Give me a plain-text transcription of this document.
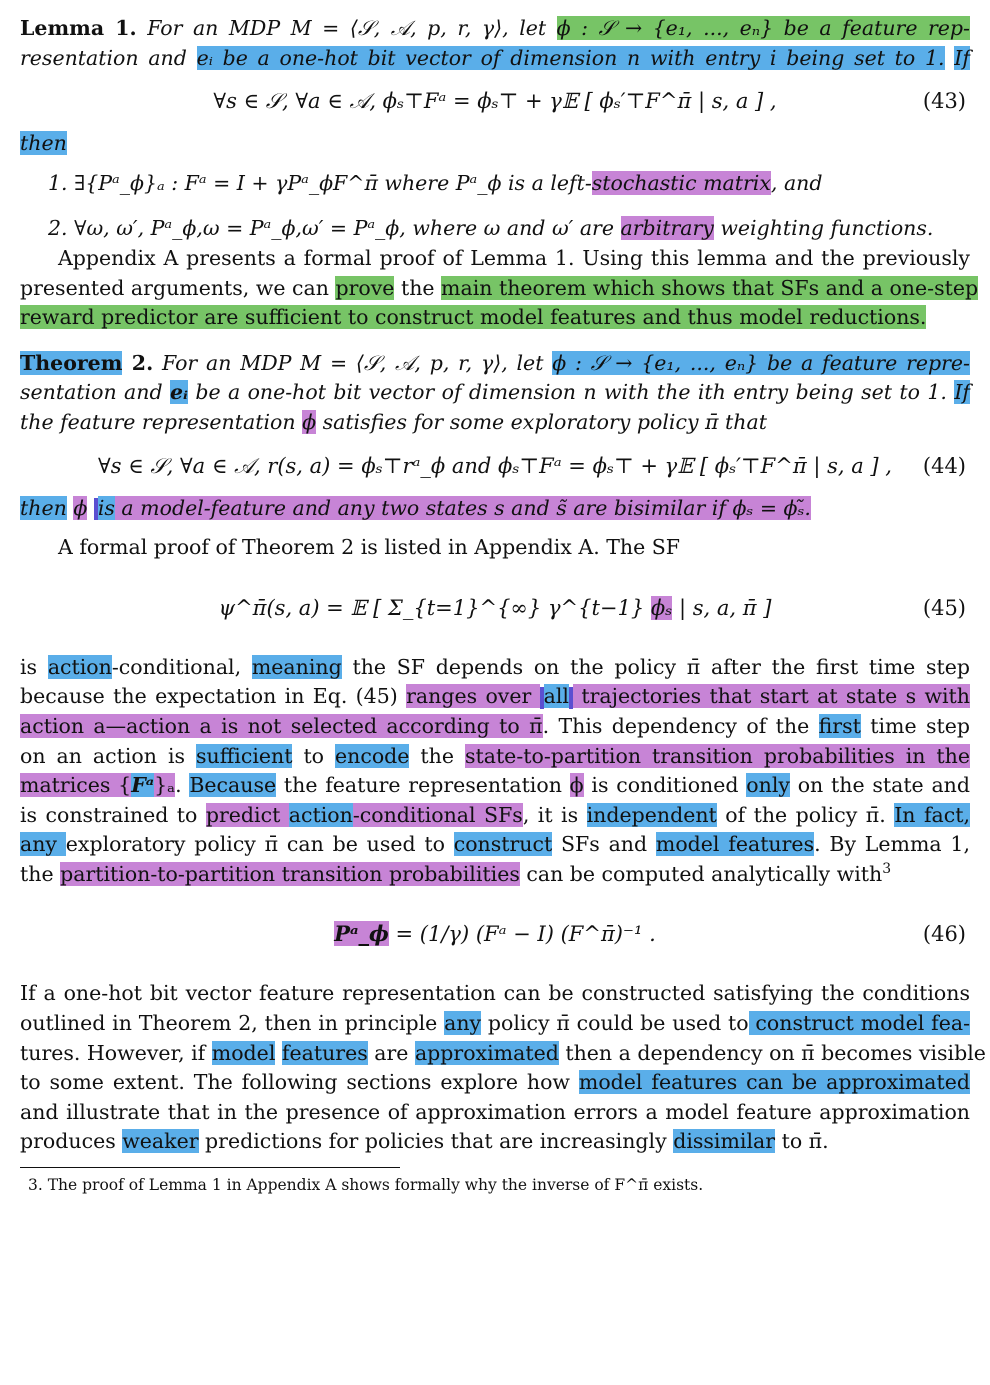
Lemma 1. For an MDP M = ⟨𝒮, 𝒜, p, r, γ⟩, let ϕ : 𝒮 → {e₁, ..., eₙ} be a feature rep-
resentation and eᵢ be a one-hot bit vector of dimension n with entry i being set to 1. If
∀s ∈ 𝒮, ∀a ∈ 𝒜, ϕₛ⊤Fᵃ = ϕₛ⊤ + γ𝔼 [ ϕₛ′⊤F^π̄ | s, a ] ,	(43)
then
1. ∃{Pᵃ_ϕ}ₐ : Fᵃ = I + γPᵃ_ϕF^π̄ where Pᵃ_ϕ is a left-stochastic matrix, and
2. ∀ω, ω′, Pᵃ_ϕ,ω = Pᵃ_ϕ,ω′ = Pᵃ_ϕ, where ω and ω′ are arbitrary weighting functions.
Appendix A presents a formal proof of Lemma 1. Using this lemma and the previously
presented arguments, we can prove the main theorem which shows that SFs and a one-step
reward predictor are sufficient to construct model features and thus model reductions.
Theorem 2. For an MDP M = ⟨𝒮, 𝒜, p, r, γ⟩, let ϕ : 𝒮 → {e₁, ..., eₙ} be a feature repre-
sentation and eᵢ be a one-hot bit vector of dimension n with the ith entry being set to 1. If
the feature representation ϕ satisfies for some exploratory policy π̄ that
∀s ∈ 𝒮, ∀a ∈ 𝒜, r(s, a) = ϕₛ⊤rᵃ_ϕ and ϕₛ⊤Fᵃ = ϕₛ⊤ + γ𝔼 [ ϕₛ′⊤F^π̄ | s, a ] , (44)
then ϕ is a model-feature and any two states s and s̃ are bisimilar if ϕₛ = ϕₛ̃.
A formal proof of Theorem 2 is listed in Appendix A. The SF
ψ^π̄(s, a) = 𝔼 [ Σ_{t=1}^{∞} γ^{t−1} ϕₛ | s, a, π̄ ]	(45)
is action-conditional, meaning the SF depends on the policy π̄ after the first time step
because the expectation in Eq. (45) ranges over all trajectories that start at state s with
action a—action a is not selected according to π̄. This dependency of the first time step
on an action is sufficient to encode the state-to-partition transition probabilities in the
matrices {Fᵃ}ₐ. Because the feature representation ϕ is conditioned only on the state and
is constrained to predict action-conditional SFs, it is independent of the policy π̄. In fact,
any exploratory policy π̄ can be used to construct SFs and model features. By Lemma 1,
the partition-to-partition transition probabilities can be computed analytically with$^3$
Pᵃ_ϕ = (1/γ) (Fᵃ − I) (F^π̄)⁻¹ .	(46)
If a one-hot bit vector feature representation can be constructed satisfying the conditions
outlined in Theorem 2, then in principle any policy π̄ could be used to construct model fea-
tures. However, if model features are approximated then a dependency on π̄ becomes visible
to some extent. The following sections explore how model features can be approximated
and illustrate that in the presence of approximation errors a model feature approximation
produces weaker predictions for policies that are increasingly dissimilar to π̄.
3. The proof of Lemma 1 in Appendix A shows formally why the inverse of F^π̄ exists.
